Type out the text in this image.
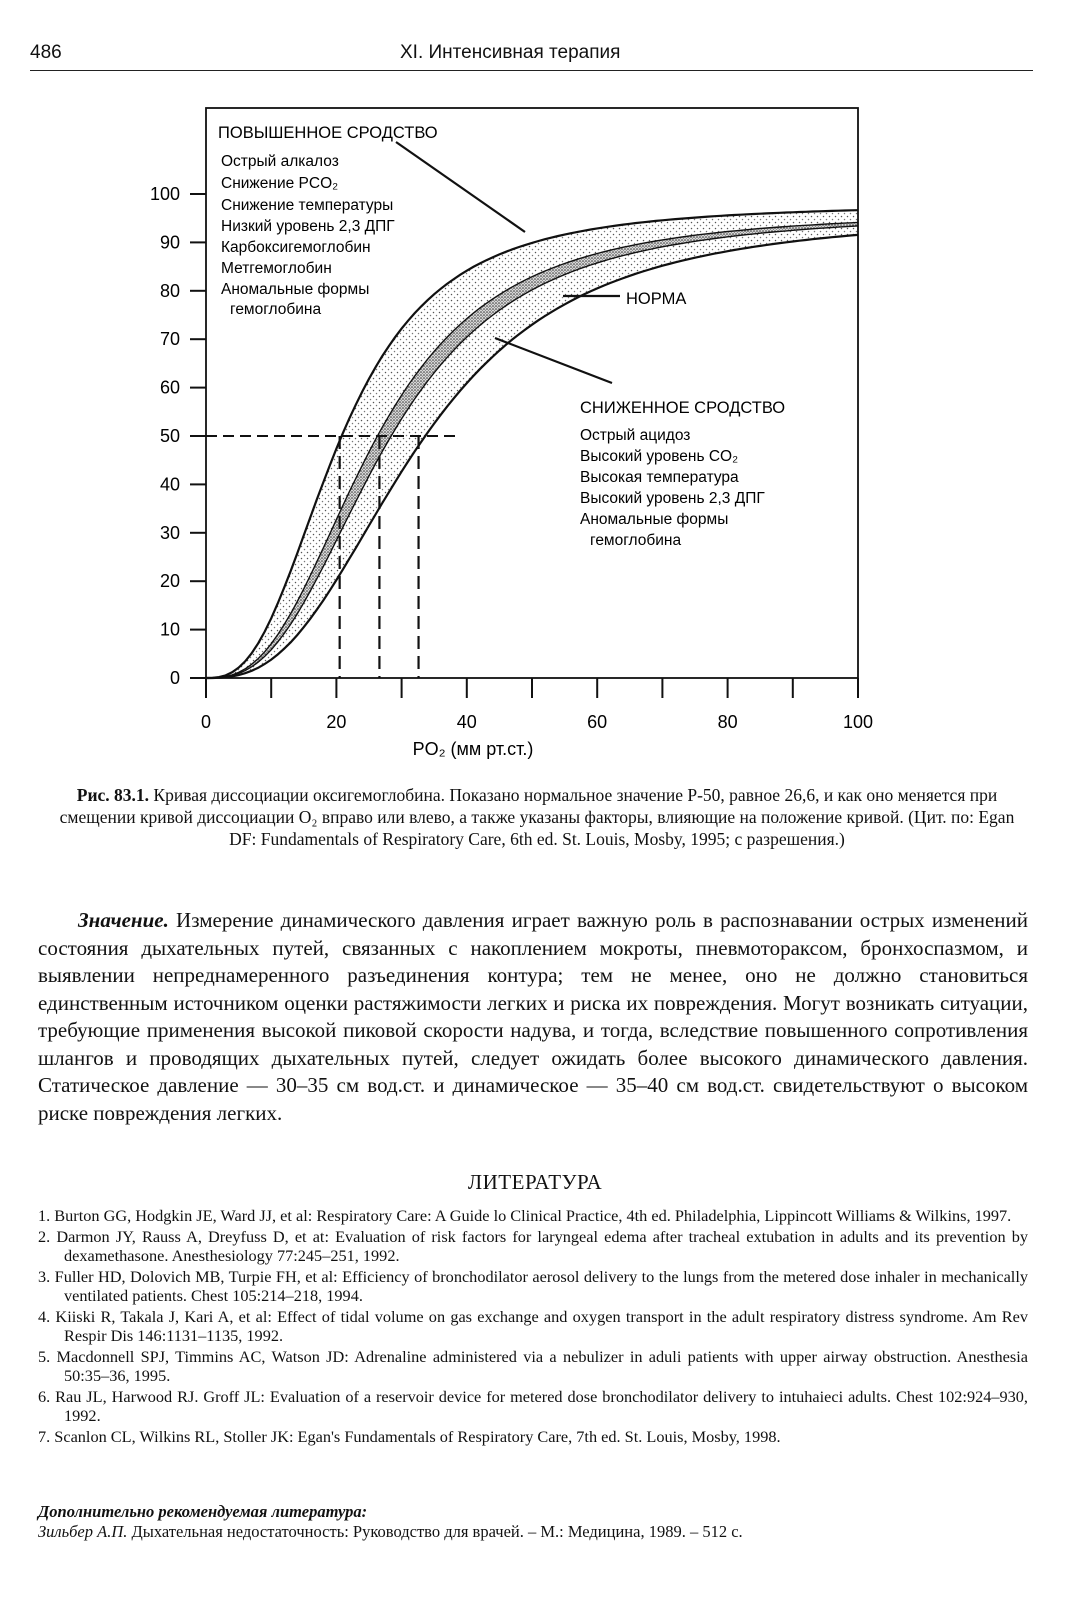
486	XI. Интенсивная терапия
0
10
20
30
40
50
60
70
80
90
100
0	20	40	60	80	100
ПОВЫШЕННОЕ СРОДСТВО
Острый алкалоз
Снижение PCO₂
Снижение температуры
Низкий уровень 2,3 ДПГ
Карбоксигемоглобин
Метгемоглобин
Аномальные формы
гемоглобина
НОРМА
СНИЖЕННОЕ СРОДСТВО
Острый ацидоз
Высокий уровень CO₂
Высокая температура
Высокий уровень 2,3 ДПГ
Аномальные формы
гемоглобина
PO₂ (мм рт.ст.)
Рис. 83.1. Кривая диссоциации оксигемоглобина. Показано нормальное значение P-50, равное 26,6, и как оно меняется при смещении кривой диссоциации O₂ вправо или влево, а также указаны факторы, влияющие на положение кривой. (Цит. по: Egan DF: Fundamentals of Respiratory Care, 6th ed. St. Louis, Mosby, 1995; с разрешения.)

Значение. Измерение динамического давления играет важную роль в распознавании острых изменений состояния дыхательных путей, связанных с накоплением мокроты, пневмотораксом, бронхоспазмом, и выявлении непреднамеренного разъединения контура; тем не менее, оно не должно становиться единственным источником оценки растяжимости легких и риска их повреждения. Могут возникать ситуации, требующие применения высокой пиковой скорости надува, и тогда, вследствие повышенного сопротивления шлангов и проводящих дыхательных путей, следует ожидать более высокого динамического давления. Статическое давление — 30–35 см вод.ст. и динамическое — 35–40 см вод.ст. свидетельствуют о высоком риске повреждения легких.

ЛИТЕРАТУРА
1. Burton GG, Hodgkin JE, Ward JJ, et al: Respiratory Care: A Guide lo Clinical Practice, 4th ed. Philadelphia, Lippincott Williams & Wilkins, 1997.
2. Darmon JY, Rauss A, Dreyfuss D, et at: Evaluation of risk factors for laryngeal edema after tracheal extubation in adults and its prevention by dexamethasone. Anesthesiology 77:245–251, 1992.
3. Fuller HD, Dolovich MB, Turpie FH, et al: Efficiency of bronchodilator aerosol delivery to the lungs from the metered dose inhaler in mechanically ventilated patients. Chest 105:214–218, 1994.
4. Kiiski R, Takala J, Kari A, et al: Effect of tidal volume on gas exchange and oxygen transport in the adult respiratory distress syndrome. Am Rev Respir Dis 146:1131–1135, 1992.
5. Macdonnell SPJ, Timmins AC, Watson JD: Adrenaline administered via a nebulizer in aduli patients with upper airway obstruction. Anesthesia 50:35–36, 1995.
6. Rau JL, Harwood RJ. Groff JL: Evaluation of a reservoir device for metered dose bronchodilator delivery to intuhaieci adults. Chest 102:924–930, 1992.
7. Scanlon CL, Wilkins RL, Stoller JK: Egan's Fundamentals of Respiratory Care, 7th ed. St. Louis, Mosby, 1998.
Дополнительно рекомендуемая литература:
Зильбер А.П. Дыхательная недостаточность: Руководство для врачей. – М.: Медицина, 1989. – 512 с.
